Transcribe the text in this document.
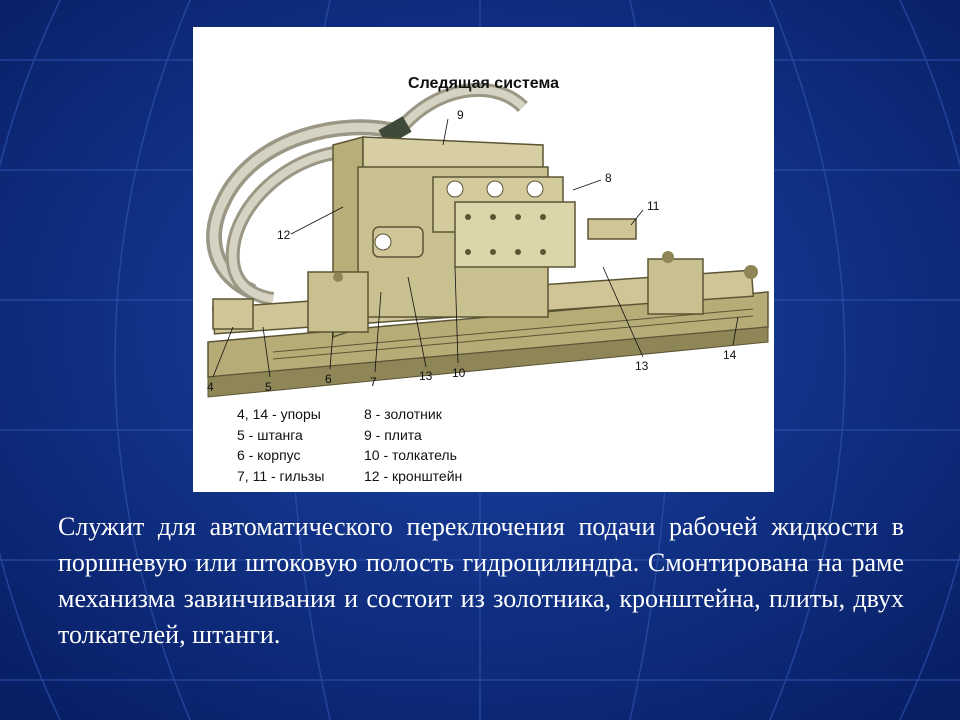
9
8
11
12
4	5
6	7	13 10	13
14
Следящая система
4, 14 - упоры
5 - штанга
6 - корпус
7, 11 - гильзы
8 - золотник
9 - плита
10 - толкатель
12 - кронштейн

Служит для автоматического переключения подачи рабочей жидкости в поршневую или штоковую полость гидроцилиндра. Смонтирована на раме механизма завинчивания и состоит из золотника, кронштейна, плиты, двух толкателей, штанги.
